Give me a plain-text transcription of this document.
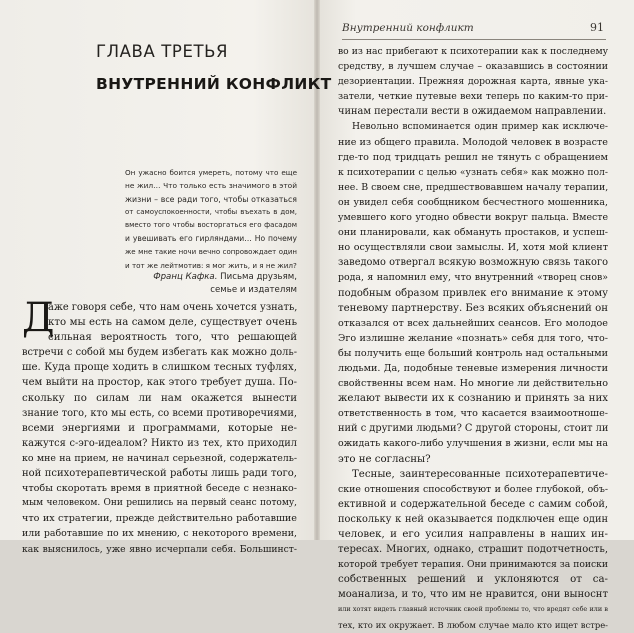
ГЛАВА ТРЕТЬЯ
ВНУТРЕННИЙ КОНФЛИКТ
Он ужасно боится умереть, потому что еще
не жил… Что только есть значимого в этой
жизни – все ради того, чтобы отказаться
от самоуспокоенности, чтобы въехать в дом,
вместо того чтобы восторгаться его фасадом
и увешивать его гирляндами… Но почему
же мне такие ночи вечно сопровождает один
и тот же лейтмотив: я мог жить, и я не жил?
Франц Кафка. Письма друзьям,
семье и издателям
Д
аже говоря себе, что нам очень хочется узнать,
кто мы есть на самом деле, существует очень
сильная вероятность того, что решающей
встречи с собой мы будем избегать как можно доль-
ше. Куда проще ходить в слишком тесных туфлях,
чем выйти на простор, как этого требует душа. По-
скольку по силам ли нам окажется вынести
знание того, кто мы есть, со всеми противоречиями,
всеми энергиями и программами, которые не-
кажутся с-эго-идеалом? Никто из тех, кто приходил
ко мне на прием, не начинал серьезной, содержатель-
ной психотерапевтической работы лишь ради того,
чтобы скоротать время в приятной беседе с незнако-
мым человеком. Они решились на первый сеанс потому,
что их стратегии, прежде действительно работавшие
или работавшие по их мнению, с некоторого времени,
как выяснилось, уже явно исчерпали себя. Большинст-
Внутренний конфликт	91
во из нас прибегают к психотерапии как к последнему
средству, в лучшем случае – оказавшись в состоянии
дезориентации. Прежняя дорожная карта, явные ука-
затели, четкие путевые вехи теперь по каким-то при-
чинам перестали вести в ожидаемом направлении.
Невольно вспоминается один пример как исключе-
ние из общего правила. Молодой человек в возрасте
где-то под тридцать решил не тянуть с обращением
к психотерапии с целью «узнать себя» как можно пол-
нее. В своем сне, предшествовавшем началу терапии,
он увидел себя сообщником бесчестного мошенника,
умевшего кого угодно обвести вокруг пальца. Вместе
они планировали, как обмануть простаков, и успеш-
но осуществляли свои замыслы. И, хотя мой клиент
заведомо отвергал всякую возможную связь такого
рода, я напомнил ему, что внутренний «творец снов»
подобным образом привлек его внимание к этому
теневому партнерству. Без всяких объяснений он
отказался от всех дальнейших сеансов. Его молодое
Эго излишне желание «познать» себя для того, что-
бы получить еще больший контроль над остальными
людьми. Да, подобные теневые измерения личности
свойственны всем нам. Но многие ли действительно
желают вывести их к сознанию и принять за них
ответственность в том, что касается взаимоотноше-
ний с другими людьми? С другой стороны, стоит ли
ожидать какого-либо улучшения в жизни, если мы на
это не согласны?
Тесные, заинтересованные психотерапевтиче-
ские отношения способствуют и более глубокой, объ-
ективной и содержательной беседе с самим собой,
поскольку к ней оказывается подключен еще один
человек, и его усилия направлены в наших ин-
тересах. Многих, однако, страшит подотчетность,
которой требует терапия. Они принимаются за поиски
собственных решений и уклоняются от са-
моанализа, и то, что им не нравится, они выноснт
или хотят видеть главный источник своей проблемы то, что вредят себе или в
тех, кто их окружает. В любом случае мало кто ищет встре-
